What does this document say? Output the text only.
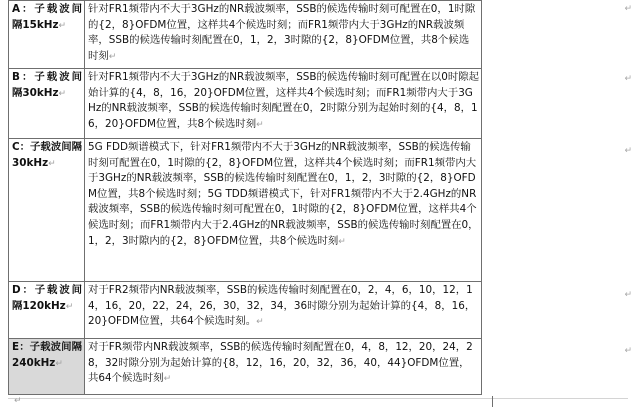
A：子载波间隔15kHz↵	针对FR1频带内不大于3GHz的NR载波频率，SSB的候选传输时刻可配置在0，1时隙的{2，8}OFDM位置，这样共4个候选时刻；而FR1频带内大于3GHz的NR载波频率，SSB的候选传输时刻配置在0，1，2，3时隙的{2，8}OFDM位置，共8个候选时刻↵
B：子载波间隔30kHz↵	针对FR1频带内不大于3GHz的NR载波频率，SSB的候选传输时刻可配置在以0时隙起始计算的{4，8，16，20}OFDM位置，这样共4个候选时刻；而FR1频带内大于3GHz的NR载波频率，SSB的候选传输时刻配置在0，2时隙分别为起始时刻的{4，8，16，20}OFDM位置，共8个候选时刻↵
C：子载波间隔30kHz↵	5G FDD频谱模式下，针对FR1频带内不大于3GHz的NR载波频率，SSB的候选传输时刻可配置在0，1时隙的{2，8}OFDM位置，这样共4个候选时刻；而FR1频带内大于3GHz的NR载波频率，SSB的候选传输时刻配置在0，1，2，3时隙的{2，8}OFDM位置，共8个候选时刻；5G TDD频谱模式下，针对FR1频带内不大于2.4GHz的NR载波频率，SSB的候选传输时刻可配置在0，1时隙的{2，8}OFDM位置，这样共4个候选时刻；而FR1频带内大于2.4GHz的NR载波频率，SSB的候选传输时刻配置在0，1，2，3时隙内的{2，8}OFDM位置，共8个候选时刻↵
D：子载波间隔120kHz↵	对于FR2频带内NR载波频率，SSB的候选传输时刻配置在0，2，4，6，10，12，14，16，20，22，24，26，30，32，34，36时隙分别为起始计算的{4，8，16，20}OFDM位置，共64个候选时刻。↵
E：子载波间隔240kHz↵	对于FR频带内NR载波频率，SSB的候选传输时刻配置在0，4，8，12，20，24，28，32时隙分别为起始计算的{8，12，16，20，32，36，40，44}OFDM位置，共64个候选时刻↵
↵
↵
↵
↵
↵
↵
